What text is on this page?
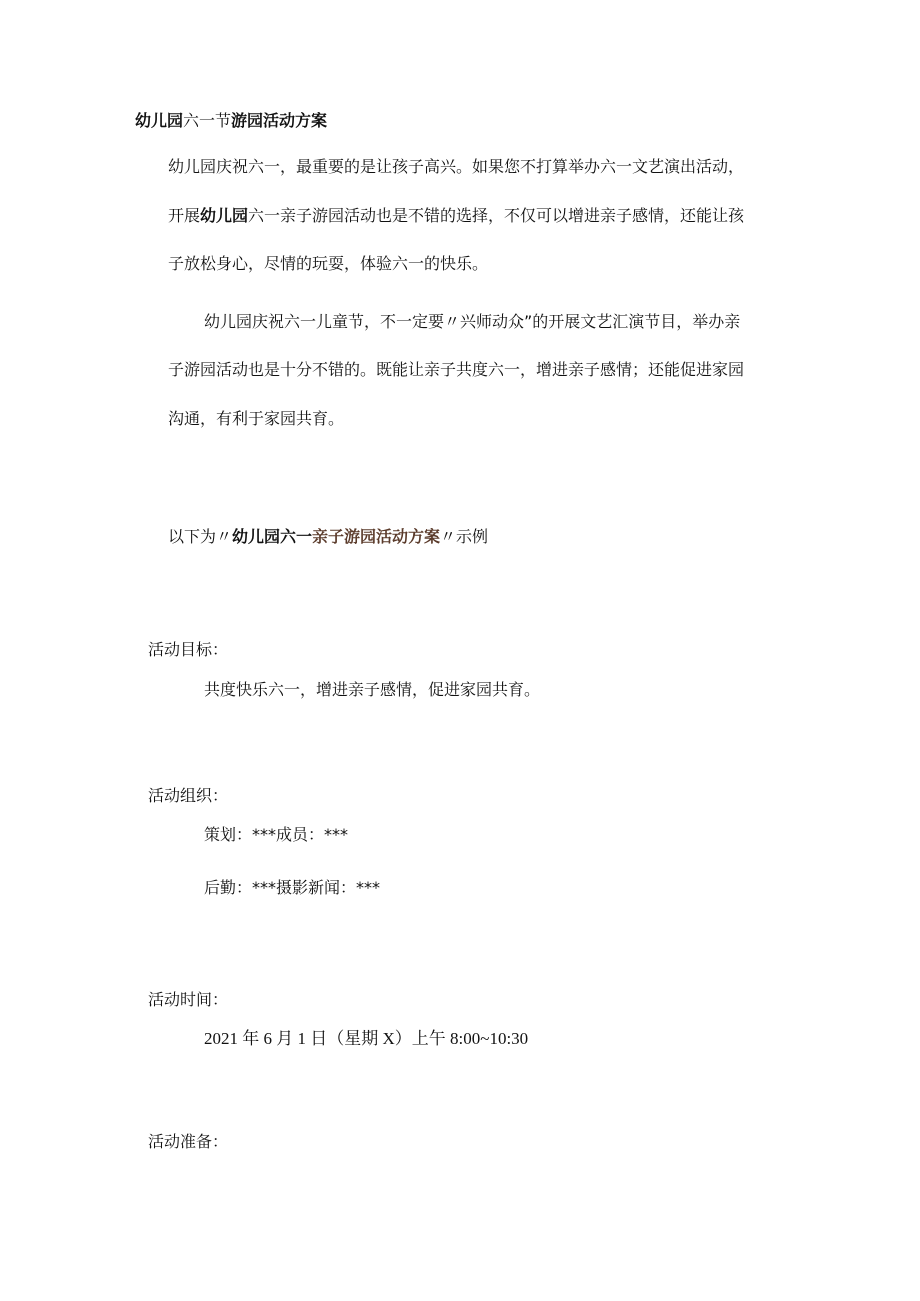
幼儿园六一节游园活动方案
幼儿园庆祝六一，最重要的是让孩子高兴。如果您不打算举办六一文艺演出活动，
开展幼儿园六一亲子游园活动也是不错的选择，不仅可以增进亲子感情，还能让孩
子放松身心，尽情的玩耍，体验六一的快乐。
幼儿园庆祝六一儿童节，不一定要〃兴师动众”的开展文艺汇演节目，举办亲
子游园活动也是十分不错的。既能让亲子共度六一，增进亲子感情；还能促进家园
沟通，有利于家园共育。
以下为〃幼儿园六一亲子游园活动方案〃示例
活动目标：
共度快乐六一，增进亲子感情，促进家园共育。
活动组织：
策划：***成员：***
后勤：***摄影新闻：***
活动时间：
2021 年 6 月 1 日（星期 X）上午 8:00~10:30
活动准备：
